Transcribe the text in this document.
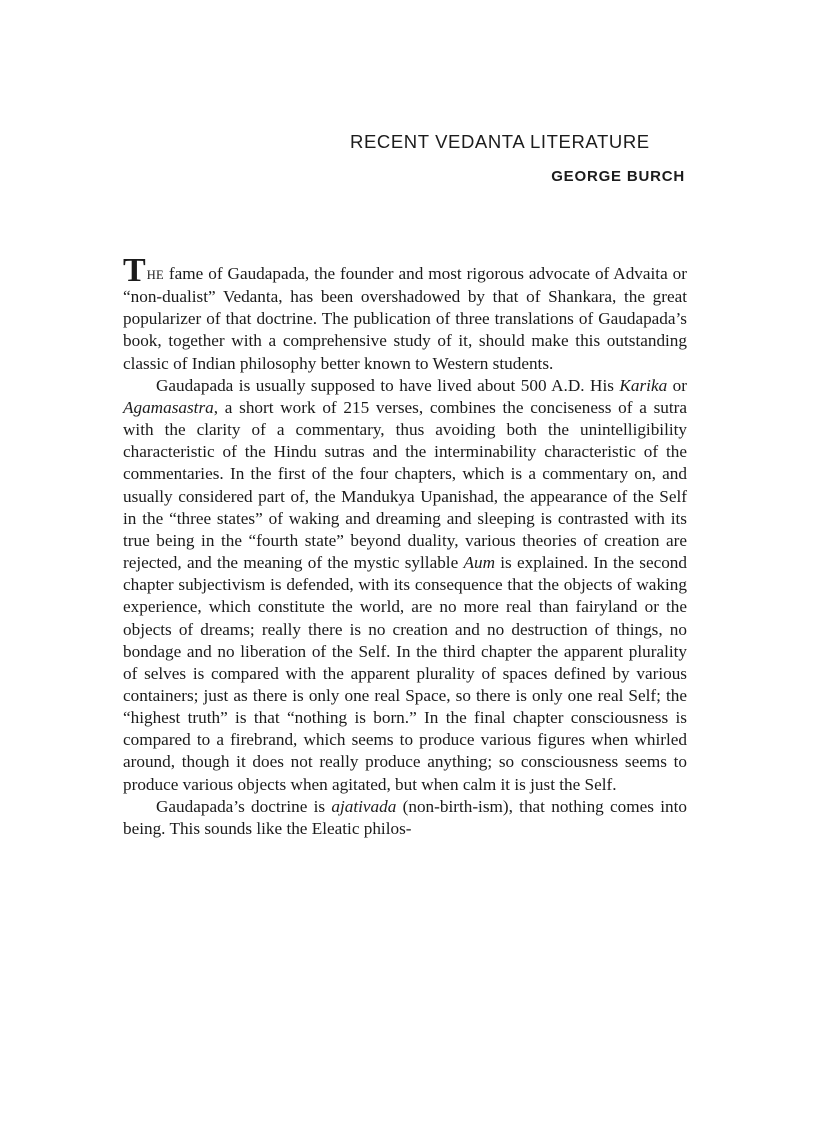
RECENT VEDANTA LITERATURE
GEORGE BURCH

THE fame of Gaudapada, the founder and most rigorous advocate of Advaita or “non-dualist” Vedanta, has been overshadowed by that of Shankara, the great popularizer of that doctrine. The publication of three translations of Gaudapada’s book, together with a comprehensive study of it, should make this outstanding classic of Indian philosophy better known to Western students.

Gaudapada is usually supposed to have lived about 500 A.D. His Karika or Agamasastra, a short work of 215 verses, combines the conciseness of a sutra with the clarity of a commentary, thus avoiding both the unintelligibility characteristic of the Hindu sutras and the interminability characteristic of the commentaries. In the first of the four chapters, which is a commentary on, and usually considered part of, the Mandukya Upanishad, the appearance of the Self in the “three states” of waking and dreaming and sleeping is contrasted with its true being in the “fourth state” beyond duality, various theories of creation are rejected, and the meaning of the mystic syllable Aum is explained. In the second chapter subjectivism is defended, with its consequence that the objects of waking experience, which constitute the world, are no more real than fairyland or the objects of dreams; really there is no creation and no destruction of things, no bondage and no liberation of the Self. In the third chapter the apparent plurality of selves is compared with the apparent plurality of spaces defined by various containers; just as there is only one real Space, so there is only one real Self; the “highest truth” is that “nothing is born.” In the final chapter consciousness is compared to a firebrand, which seems to produce various figures when whirled around, though it does not really produce anything; so consciousness seems to produce various objects when agitated, but when calm it is just the Self.

Gaudapada’s doctrine is ajativada (non-birth-ism), that nothing comes into being. This sounds like the Eleatic philos-
